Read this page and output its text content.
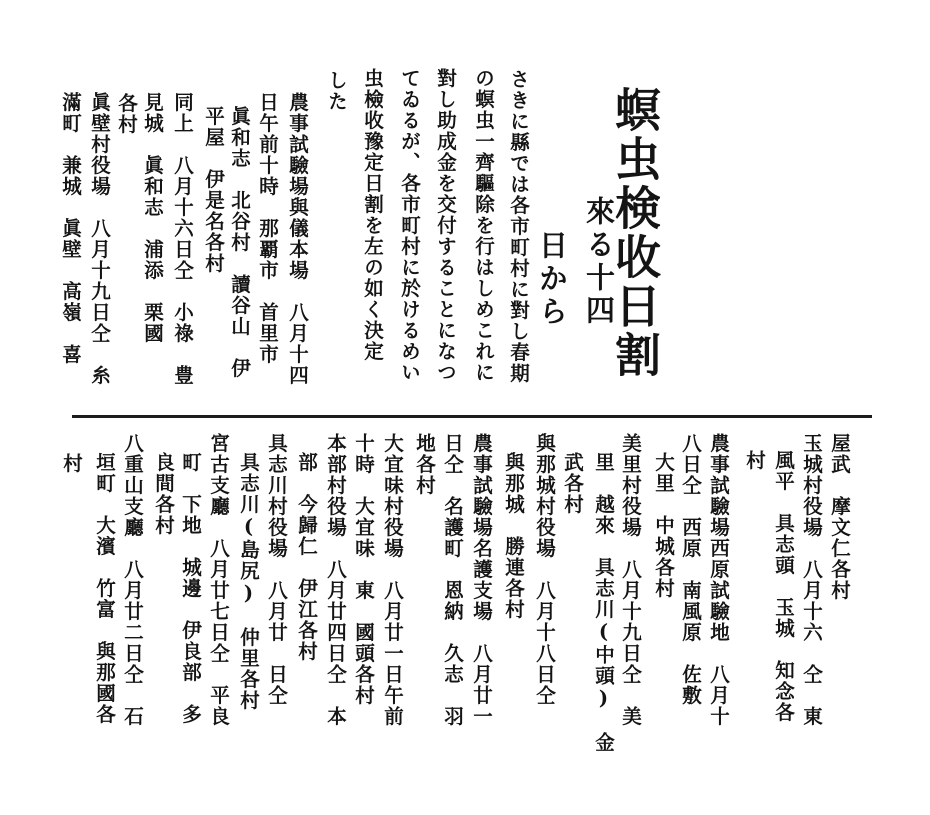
螟虫検收日割
來る十四
日から
さきに縣では各市町村に對し春期
の螟虫一齊驅除を行はしめこれに
對し助成金を交付することになつ
てゐるが、各市町村に於けるめい
虫檢收豫定日割を左の如く決定
した
農事試驗場與儀本場　八月十四
日午前十時　那覇市　首里市
眞和志　北谷村　讀谷山　伊
平屋　伊是名各村
同上　八月十六日仝　小祿　豊
見城　眞和志　浦添　栗國
各村
眞壁村役場　八月十九日仝　糸
滿町　兼城　眞壁　高嶺　喜
屋武　摩文仁各村
玉城村役場　八月十六　仝　東
風平　具志頭　玉城　知念各
村
農事試驗場西原試驗地　八月十
八日仝　西原　南風原　佐敷
大里　中城各村
美里村役場　八月十九日仝　美
里　越來　具志川(中頭)　金
武各村
與那城村役場　八月十八日仝
與那城　勝連各村
農事試驗場名護支場　八月廿一
日仝　名護町　恩納　久志　羽
地各村
大宜味村役場　八月廿一日午前
十時　大宜味　東　國頭各村
本部村役場　八月廿四日仝　本
部　今歸仁　伊江各村
具志川村役場　八月廿　日仝
具志川(島尻)　仲里各村
宮古支廳　八月廿七日仝　平良
町　下地　城邊　伊良部　多
良間各村
八重山支廳　八月廿二日仝　石
垣町　大濱　竹富　與那國各
村
